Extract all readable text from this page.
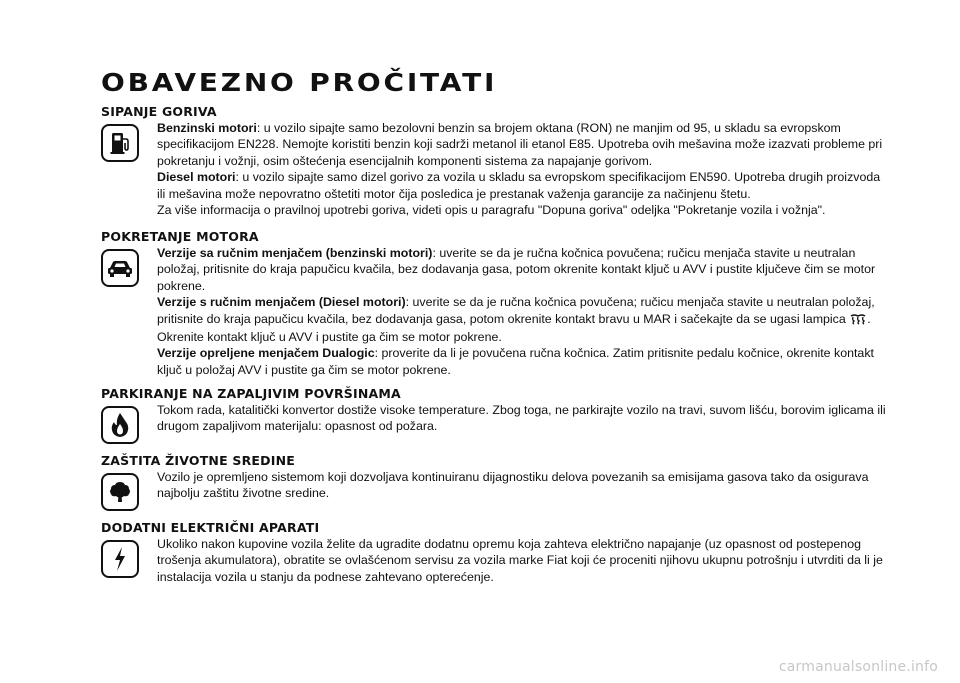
OBAVEZNO PROČITATI
SIPANJE GORIVA

Benzinski motori: u vozilo sipajte samo bezolovni benzin sa brojem oktana (RON) ne manjim od 95, u skladu sa evropskom specifikacijom EN228. Nemojte koristiti benzin koji sadrži metanol ili etanol E85. Upotreba ovih mešavina može izazvati probleme pri pokretanju i vožnji, osim oštećenja esencijalnih komponenti sistema za napajanje gorivom.

Diesel motori: u vozilo sipajte samo dizel gorivo za vozila u skladu sa evropskom specifikacijom EN590. Upotreba drugih proizvoda ili mešavina može nepovratno oštetiti motor čija posledica je prestanak važenja garancije za načinjenu štetu.

Za više informacija o pravilnoj upotrebi goriva, videti opis u paragrafu "Dopuna goriva" odeljka "Pokretanje vozila i vožnja".

POKRETANJE MOTORA

Verzije sa ručnim menjačem (benzinski motori): uverite se da je ručna kočnica povučena; ručicu menjača stavite u neutralan položaj, pritisnite do kraja papučicu kvačila, bez dodavanja gasa, potom okrenite kontakt ključ u AVV i pustite ključeve čim se motor pokrene.

Verzije s ručnim menjačem (Diesel motori): uverite se da je ručna kočnica povučena; ručicu menjača stavite u neutralan položaj, pritisnite do kraja papučicu kvačila, bez dodavanja gasa, potom okrenite kontakt bravu u MAR i sačekajte da se ugasi lampica . Okrenite kontakt ključ u AVV i pustite ga čim se motor pokrene.

Verzije opreljene menjačem Dualogic: proverite da li je povučena ručna kočnica. Zatim pritisnite pedalu kočnice, okrenite kontakt ključ u položaj AVV i pustite ga čim se motor pokrene.

PARKIRANJE NA ZAPALJIVIM POVRŠINAMA

Tokom rada, katalitički konvertor dostiže visoke temperature. Zbog toga, ne parkirajte vozilo na travi, suvom lišću, borovim iglicama ili drugom zapaljivom materijalu: opasnost od požara.

ZAŠTITA ŽIVOTNE SREDINE

Vozilo je opremljeno sistemom koji dozvoljava kontinuiranu dijagnostiku delova povezanih sa emisijama gasova tako da osigurava najbolju zaštitu životne sredine.

DODATNI ELEKTRIČNI APARATI

Ukoliko nakon kupovine vozila želite da ugradite dodatnu opremu koja zahteva električno napajanje (uz opasnost od postepenog trošenja akumulatora), obratite se ovlašćenom servisu za vozila marke Fiat koji će proceniti njihovu ukupnu potrošnju i utvrditi da li je instalacija vozila u stanju da podnese zahtevano opterećenje.

carmanualsonline.info
